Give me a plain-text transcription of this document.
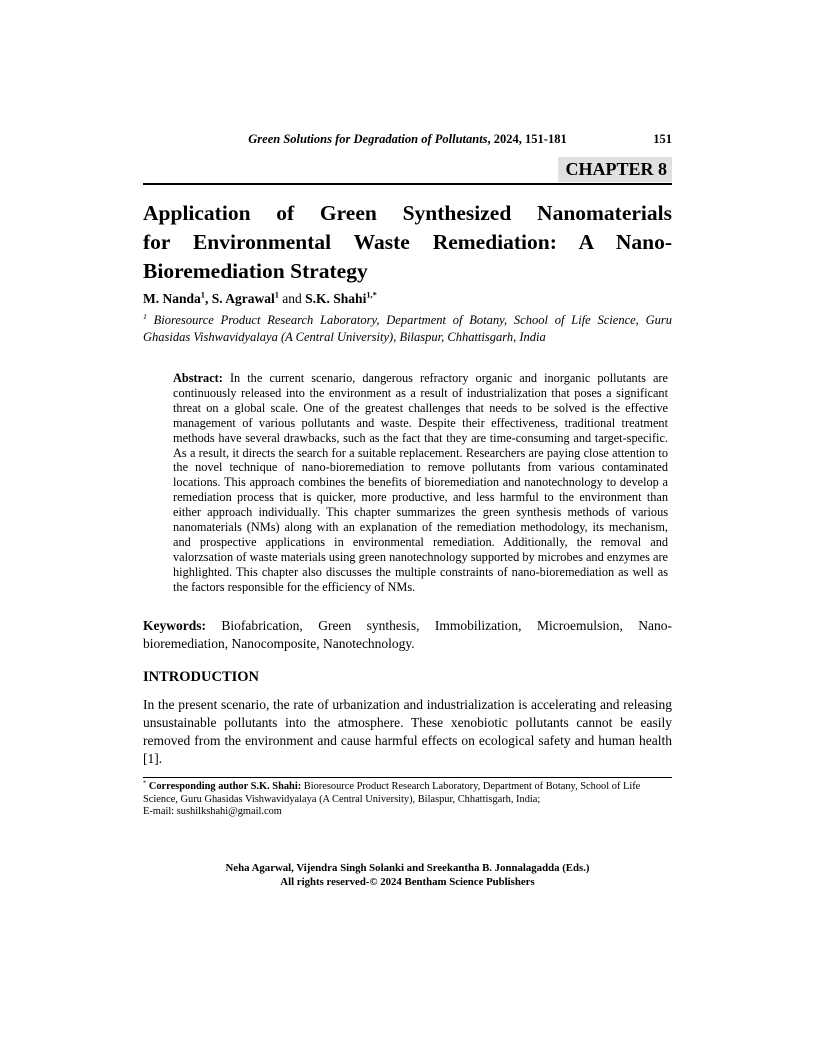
Green Solutions for Degradation of Pollutants, 2024, 151-181	151
CHAPTER 8
Application of Green Synthesized Nanomaterials
for Environmental Waste Remediation: A Nano-
Bioremediation Strategy
M. Nanda$^1$, S. Agrawal$^1$ and S.K. Shahi$^{1,*}$
$^1$ Bioresource Product Research Laboratory, Department of Botany, School of Life Science, Guru Ghasidas Vishwavidyalaya (A Central University), Bilaspur, Chhattisgarh, India

Abstract: In the current scenario, dangerous refractory organic and inorganic pollutants are continuously released into the environment as a result of industrialization that poses a significant threat on a global scale. One of the greatest challenges that needs to be solved is the effective management of various pollutants and waste. Despite their effectiveness, traditional treatment methods have several drawbacks, such as the fact that they are time-consuming and target-specific. As a result, it directs the search for a suitable replacement. Researchers are paying close attention to the novel technique of nano-bioremediation to remove pollutants from various contaminated locations. This approach combines the benefits of bioremediation and nanotechnology to develop a remediation process that is quicker, more productive, and less harmful to the environment than either approach individually. This chapter summarizes the green synthesis methods of various nanomaterials (NMs) along with an explanation of the remediation methodology, its mechanism, and prospective applications in environmental remediation. Additionally, the removal and valorzsation of waste materials using green nanotechnology supported by microbes and enzymes are highlighted. This chapter also discusses the multiple constraints of nano-bioremediation as well as the factors responsible for the efficiency of NMs.

Keywords: Biofabrication, Green synthesis, Immobilization, Microemulsion, Nano-bioremediation, Nanocomposite, Nanotechnology.

INTRODUCTION

In the present scenario, the rate of urbanization and industrialization is accelerating and releasing unsustainable pollutants into the atmosphere. These xenobiotic pollutants cannot be easily removed from the environment and cause harmful effects on ecological safety and human health [1].

* Corresponding author S.K. Shahi: Bioresource Product Research Laboratory, Department of Botany, School of Life Science, Guru Ghasidas Vishwavidyalaya (A Central University), Bilaspur, Chhattisgarh, India;
E-mail: sushilkshahi@gmail.com
Neha Agarwal, Vijendra Singh Solanki and Sreekantha B. Jonnalagadda (Eds.)
All rights reserved-© 2024 Bentham Science Publishers
